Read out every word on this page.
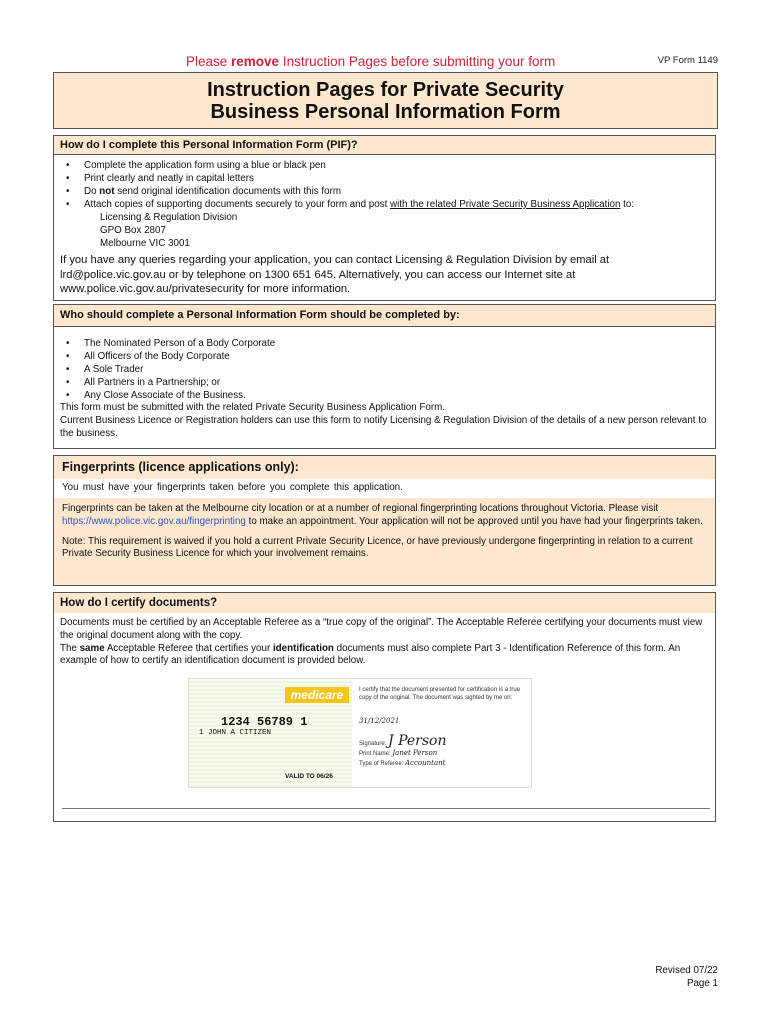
Please remove Instruction Pages before submitting your form	VP Form 1149
Instruction Pages for Private Security
Business Personal Information Form
How do I complete this Personal Information Form (PIF)?
• Complete the application form using a blue or black pen
• Print clearly and neatly in capital letters
• Do not send original identification documents with this form
• Attach copies of supporting documents securely to your form and post with the related Private Security Business Application to:
Licensing & Regulation Division
GPO Box 2807
Melbourne VIC 3001
If you have any queries regarding your application, you can contact Licensing & Regulation Division by email at lrd@police.vic.gov.au or by telephone on 1300 651 645. Alternatively, you can access our Internet site at www.police.vic.gov.au/privatesecurity for more information.
Who should complete a Personal Information Form should be completed by:
• The Nominated Person of a Body Corporate
• All Officers of the Body Corporate
• A Sole Trader
• All Partners in a Partnership; or
• Any Close Associate of the Business.
This form must be submitted with the related Private Security Business Application Form.
Current Business Licence or Registration holders can use this form to notify Licensing & Regulation Division of the details of a new person relevant to the business.
Fingerprints (licence applications only):
You must have your fingerprints taken before you complete this application.
Fingerprints can be taken at the Melbourne city location or at a number of regional fingerprinting locations throughout Victoria. Please visit https://www.police.vic.gov.au/fingerprinting to make an appointment. Your application will not be approved until you have had your fingerprints taken.
Note: This requirement is waived if you hold a current Private Security Licence, or have previously undergone fingerprinting in relation to a current Private Security Business Licence for which your involvement remains.
How do I certify documents?
Documents must be certified by an Acceptable Referee as a “true copy of the original”. The Acceptable Referee certifying your documents must view the original document along with the copy.
The same Acceptable Referee that certifies your identification documents must also complete Part 3 - Identification Reference of this form. An example of how to certify an identification document is provided below.
medicare
1234 56789 1
1 JOHN A CITIZEN
VALID TO 06/26
I certify that the document presented for certification is a true copy of the original. The document was sighted by me on:
31/12/2021
Signature: J Person
Print Name: Janet Person
Type of Referee: Accountant
Revised 07/22
Page 1
